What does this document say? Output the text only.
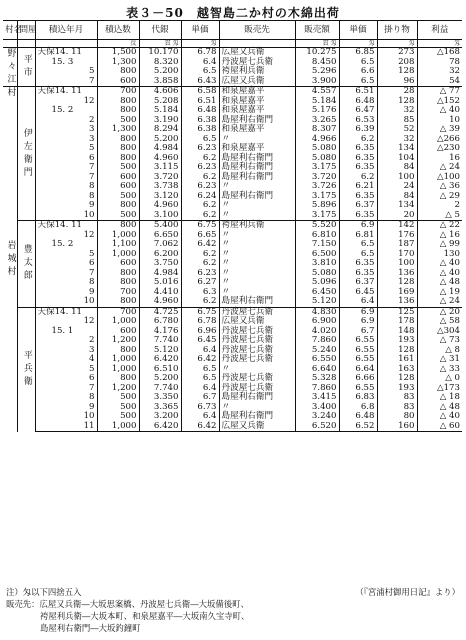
表３－50　越智島二か村の木綿出荷
村名	問屋	積込年月	積込数	代銀	単価	販売先	販売額	単価	掛り物	利益
			反	貫 匁	匁		貫 匁	匁	匁	匁
野々江村	平市	天保14. 11	1,500	10.170	6.78	広屋又兵衛	10.275	6.85	273	△168
		15. 3	1,300	8.320	6.4	丹波屋七兵衛	8.450	6.5	208	78
		5	800	5.200	6.5	袴屋利兵衛	5.296	6.6	128	32
		7	600	3.858	6.43	広屋又兵衛	3.900	6.5	96	54
岩城村	伊左衛門	天保14. 11	700	4.606	6.58	和泉屋嘉平	4.557	6.51	28	△ 77
		12	800	5.208	6.51	和泉屋嘉平	5.184	6.48	128	△152
		15. 2	800	5.184	6.48	和泉屋嘉平	5.176	6.47	32	△ 40
		2	500	3.190	6.38	島屋利右衛門	3.265	6.53	85	10
		3	1,300	8.294	6.38	和泉屋嘉平	8.307	6.39	52	△ 39
		3	800	5.200	6.5	〃	4.966	6.2	32	△266
		5	800	4.984	6.23	和泉屋嘉平	5.080	6.35	134	△230
		6	800	4.960	6.2	島屋利右衛門	5.080	6.35	104	16
		7	500	3.115	6.23	島屋利右衛門	3.175	6.35	84	△ 24
		7	600	3.720	6.2	島屋利右衛門	3.720	6.2	100	△100
		8	600	3.738	6.23	〃	3.726	6.21	24	△ 36
		8	500	3.120	6.24	島屋利右衛門	3.175	6.35	84	△ 29
		9	800	4.960	6.2	〃	5.896	6.37	134	2
		10	500	3.100	6.2	〃	3.175	6.35	20	△ 5
	豊太郎	天保14. 11	800	5.400	6.75	袴屋利兵衛	5.520	6.9	142	△ 22
		12	1,000	6.650	6.65	〃	6.810	6.81	176	△ 16
		15. 2	1,100	7.062	6.42	〃	7.150	6.5	187	△ 99
		5	1,000	6.200	6.2	〃	6.500	6.5	170	130
		6	600	3.750	6.2	〃	3.810	6.35	100	△ 40
		7	800	4.984	6.23	〃	5.080	6.35	136	△ 40
		8	800	5.016	6.27	〃	5.096	6.37	128	△ 48
		9	700	4.410	6.3	〃	6.450	6.45	169	△ 19
		10	800	4.960	6.2	島屋利右衛門	5.120	6.4	136	△ 24
	平兵衛	天保14. 11	700	4.725	6.75	丹波屋七兵衛	4.830	6.9	125	△ 20
		12	1,000	6.780	6.78	広屋又兵衛	6.900	6.9	178	△ 58
		15. 1	600	4.176	6.96	丹波屋七兵衛	4.020	6.7	148	△304
		2	1,200	7.740	6.45	丹波屋七兵衛	7.860	6.55	193	△ 73
		3	800	5.120	6.4	丹波屋七兵衛	5.240	6.55	128	△ 8
		4	1,000	6.420	6.42	丹波屋七兵衛	6.550	6.55	161	△ 31
		5	1,000	6.510	6.5	〃	6.640	6.64	163	△ 33
		6	800	5.200	6.5	丹波屋七兵衛	5.328	6.66	128	△ 0
		7	1,200	7.740	6.4	丹波屋七兵衛	7.860	6.55	193	△173
		8	500	3.350	6.7	島屋利右衛門	3.415	6.83	83	△ 18
		9	500	3.365	6.73	〃	3.400	6.8	83	△ 48
		10	500	3.200	6.4	島屋利右衛門	3.240	6.48	80	△ 40
		11	1,000	6.420	6.42	広屋又兵衛	6.520	6.52	160	△ 60
注）匁以下四捨五入
販売先：広屋又兵衛―大坂思案橋、丹波屋七兵衛―大坂備後町、
袴屋利兵衛―大坂本町、和泉屋嘉平―大坂南久宝寺町、
島屋利右衛門―大坂釣鐘町
（『宮浦村御用日記』より）
